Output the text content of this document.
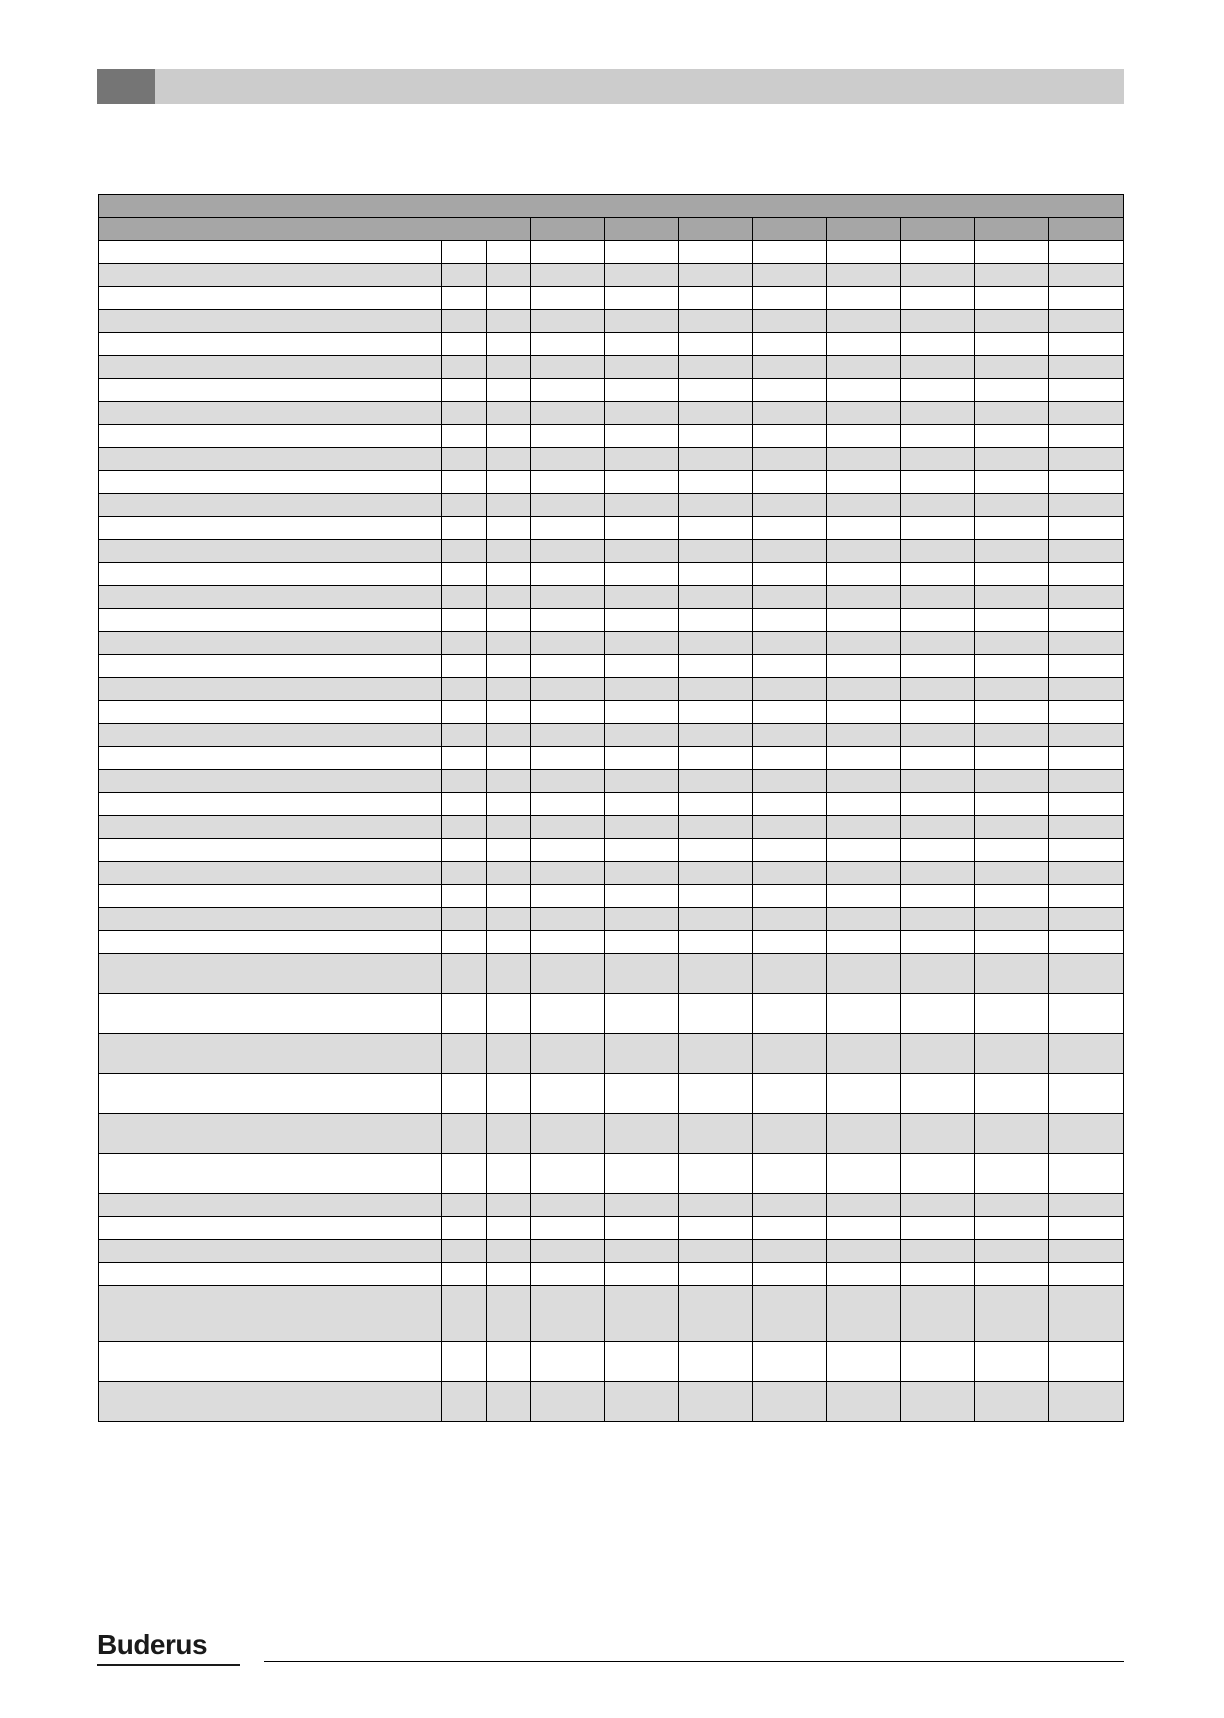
Buderus
